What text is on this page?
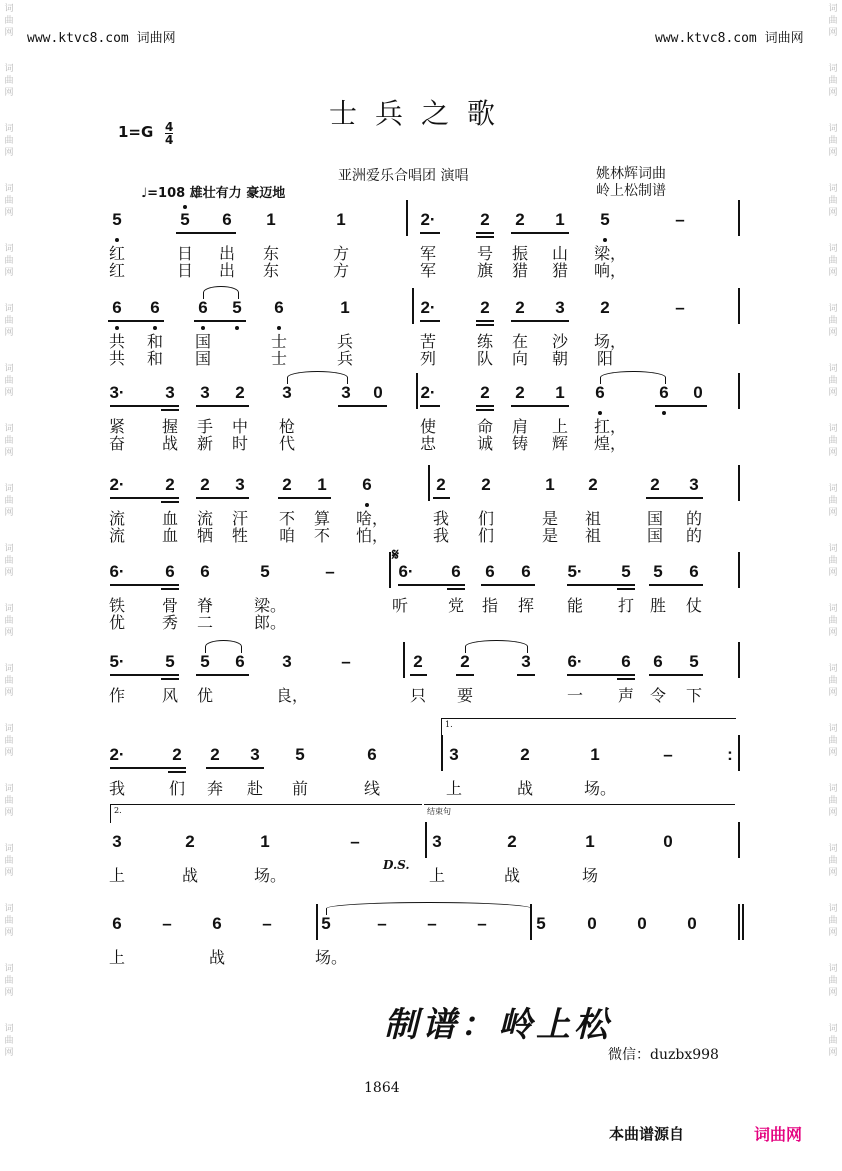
词
曲
网
词
曲
网
词
曲
网
词
曲
网
词
曲
网
词
曲
网
词
曲
网
词
曲
网
词
曲
网
词
曲
网
词
曲
网
词
曲
网
词
曲
网
词
曲
网
词
曲
网
词
曲
网
词
曲
网
词
曲
网
词
曲
网
词
曲
网
词
曲
网
词
曲
网
词
曲
网
词
曲
网
词
曲
网
词
曲
网
词
曲
网
词
曲
网
词
曲
网
词
曲
网
词
曲
网
词
曲
网
词
曲
网
词
曲
网
词
曲
网
词
曲
网
www.ktvc8.com 词曲网	www.ktvc8.com 词曲网
士兵之歌
1=G 4
4
亚洲爱乐合唱团 演唱	姚林辉词曲
岭上松制谱
♩=108 雄壮有力 豪迈地
5	5	6	1	1	2·	2	2	1	5	–
红	日 出 东	方	军	号 振 山 梁，
红	日 出 东	方	军	旗 猎 猎 响，
6	6	6	5	6	1	2·	2	2	3	2	–
共 和 国	士	兵	苦	练 在 沙 场，
共 和 国	士	兵	列	队 向 朝 阳
3·	3	3	2	3	3	0	2·	2	2	1	6	6	0
紧 握 手 中 枪	使	命 肩 上 扛，
奋 战 新 时 代	忠	诚 铸 辉 煌，
2·	2	2	3	2	1	6	2	2	1	2	2	3
流 血 流 汗 不 算 啥，	我 们	是 祖	国 的
流 血 牺 牲 咱 不 怕，	我 们	是 祖	国 的
6·	6	6	5	–	6·	6	6	6	5·	5	5	6
铁 骨 脊	梁。	听 党 指 挥 能 打 胜 仗
优 秀 二	郎。
5·	5	5	6	3	–	2	2	3	6·	6	6	5
作 风 优	良，	只 要	一 声 令 下
2·	2	2	3	5	6	3	2	1	–	:
我	们 奔 赴 前	线	上	战	场。
3	2	1	–	3	2	1	0
上	战	场。	上	战	场
6	–	6	–	5	–	–	–	5	0	0	0
上	战	场。
𝄋
1.
2.	结束句
D.S.
制谱：岭上松
微信：duzbx998
1864
本曲谱源自	词曲网
